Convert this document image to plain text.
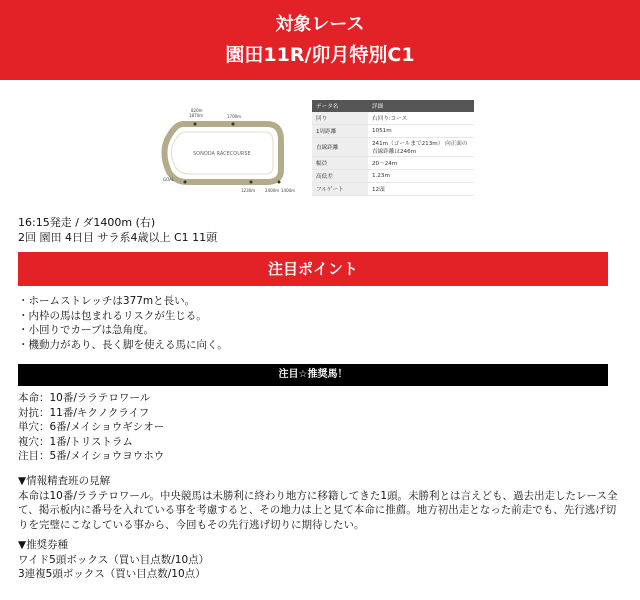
対象レース
園田11R/卯月特別C1
SONODA RACECOURSE
820m
1870m	1700m
GOAL
1230m	1400m
2400m
データ名	詳細
回り	右回り:コース
1周距離	1051m
直線距離	241m（ゴールまで213m） 向正面の直線距離は246m
幅員	20〜24m
高低差	1.23m
フルゲート	12頭
16:15発走 / ダ1400m (右)
2回 園田 4日目 サラ系4歳以上 C1 11頭
注目ポイント
・ ホームストレッチは377mと長い。
・ 内枠の馬は包まれるリスクが生じる。
・ 小回りでカーブは急角度。
・ 機動力があり、長く脚を使える馬に向く。
注目☆推奨馬！
本命：10番/ララテロワール
対抗：11番/キクノクライフ
単穴：6番/メイショウギシオー
複穴：1番/トリストラム
注目：5番/メイショウヨウホウ

▼情報精査班の見解

本命は10番/ララテロワール。中央競馬は未勝利に終わり地方に移籍してきた1頭。未勝利とは言えども、過去出走したレース全て、掲示板内に番号を入れている事を考慮すると、その地力は上と見て本命に推薦。地方初出走となった前走でも、先行逃げ切りを完璧にこなしている事から、今回もその先行逃げ切りに期待したい。

▼推奨券種

ワイド5頭ボックス（買い目点数/10点）

3連複5頭ボックス（買い目点数/10点）
